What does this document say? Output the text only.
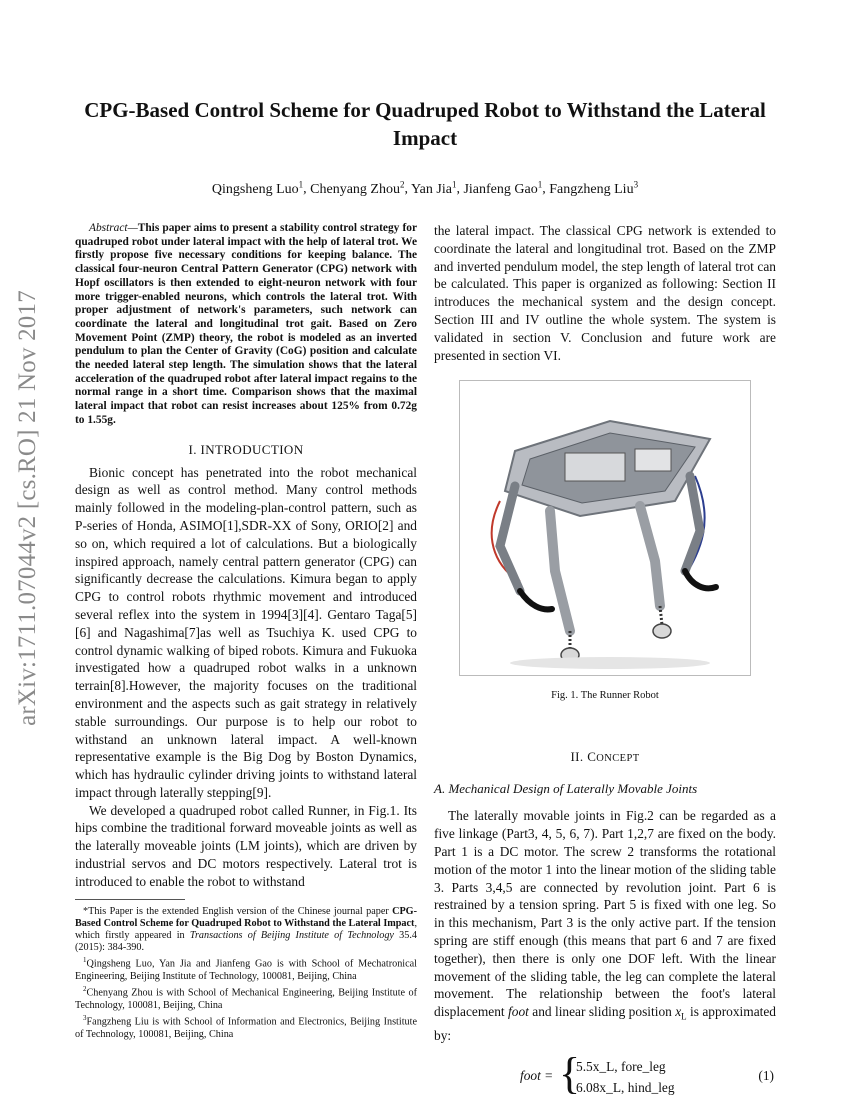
arXiv:1711.07044v2 [cs.RO] 21 Nov 2017
CPG-Based Control Scheme for Quadruped Robot to Withstand the Lateral Impact
Qingsheng Luo$^1$, Chenyang Zhou$^2$, Yan Jia$^1$, Jianfeng Gao$^1$, Fangzheng Liu$^3$

Abstract—This paper aims to present a stability control strategy for quadruped robot under lateral impact with the help of lateral trot. We firstly propose five necessary conditions for keeping balance. The classical four-neuron Central Pattern Generator (CPG) network with Hopf oscillators is then extended to eight-neuron network with four more trigger-enabled neurons, which controls the lateral trot. With proper adjustment of network's parameters, such network can coordinate the lateral and longitudinal trot gait. Based on Zero Movement Point (ZMP) theory, the robot is modeled as an inverted pendulum to plan the Center of Gravity (CoG) position and calculate the needed lateral step length. The simulation shows that the lateral acceleration of the quadruped robot after lateral impact regains to the normal range in a short time. Comparison shows that the maximal lateral impact that robot can resist increases about 125% from 0.72g to 1.55g.

I. INTRODUCTION

Bionic concept has penetrated into the robot mechanical design as well as control method. Many control methods mainly followed in the modeling-plan-control pattern, such as P-series of Honda, ASIMO[1],SDR-XX of Sony, ORIO[2] and so on, which required a lot of calculations. But a biologically inspired approach, namely central pattern generator (CPG) can significantly decrease the calculations. Kimura began to apply CPG to control robots rhythmic movement and introduced several reflex into the system in 1994[3][4]. Gentaro Taga[5][6] and Nagashima[7]as well as Tsuchiya K. used CPG to control dynamic walking of biped robots. Kimura and Fukuoka investigated how a quadruped robot walks in a unknown terrain[8].However, the majority focuses on the traditional environment and the aspects such as gait strategy in relatively stable surroundings. Our purpose is to help our robot to withstand an unknown lateral impact. A well-known representative example is the Big Dog by Boston Dynamics, which has hydraulic cylinder driving joints to withstand lateral impact through laterally stepping[9].

We developed a quadruped robot called Runner, in Fig.1. Its hips combine the traditional forward moveable joints as well as the laterally moveable joints (LM joints), which are driven by industrial servos and DC motors respectively. Lateral trot is introduced to enable the robot to withstand

*This Paper is the extended English version of the Chinese journal paper CPG-Based Control Scheme for Quadruped Robot to Withstand the Lateral Impact, which firstly appeared in Transactions of Beijing Institute of Technology 35.4 (2015): 384-390.

$^1$Qingsheng Luo, Yan Jia and Jianfeng Gao is with School of Mechatronical Engineering, Beijing Institute of Technology, 100081, Beijing, China

$^2$Chenyang Zhou is with School of Mechanical Engineering, Beijing Institute of Technology, 100081, Beijing, China

$^3$Fangzheng Liu is with School of Information and Electronics, Beijing Institute of Technology, 100081, Beijing, China

the lateral impact. The classical CPG network is extended to coordinate the lateral and longitudinal trot. Based on the ZMP and inverted pendulum model, the step length of lateral trot can be calculated. This paper is organized as following: Section II introduces the mechanical system and the design concept. Section III and IV outline the whole system. The system is validated in section V. Conclusion and future work are presented in section VI.

Fig. 1. The Runner Robot

II. CONCEPT
A. Mechanical Design of Laterally Movable Joints

The laterally movable joints in Fig.2 can be regarded as a five linkage (Part3, 4, 5, 6, 7). Part 1,2,7 are fixed on the body. Part 1 is a DC motor. The screw 2 transforms the rotational motion of the motor 1 into the linear motion of the sliding table 3. Parts 3,4,5 are connected by revolution joint. Part 6 is restrained by a tension spring. Part 5 is fixed with one leg. So in this mechanism, Part 3 is the only active part. If the tension spring are stiff enough (this means that part 6 and 7 are fixed together), then there is only one DOF left. With the linear movement of the sliding table, the leg can complete the lateral movement. The relationship between the foot's lateral displacement foot and linear sliding position $x_L$ is approximated by:

foot = {
5.5x_L, fore_leg
6.08x_L, hind_leg
(1)
